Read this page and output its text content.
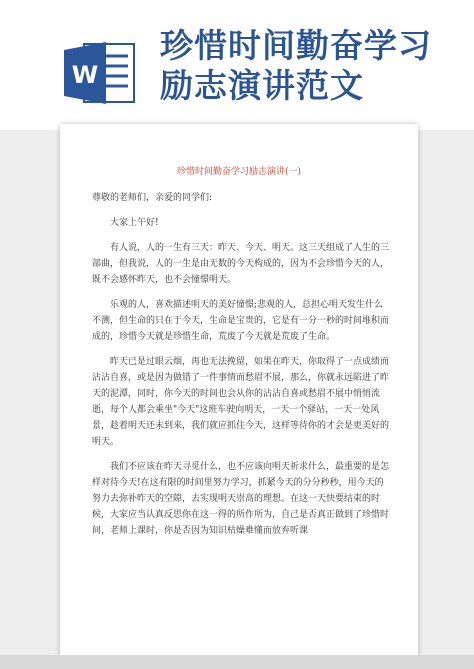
W
珍惜时间勤奋学习
励志演讲范文
珍惜时间勤奋学习励志演讲(一)

尊敬的老师们，亲爱的同学们:

大家上午好!

有人说，人的一生有三天：昨天、今天、明天。这三天组成了人生的三部曲，但我说，人的一生是由无数的今天构成的，因为不会珍惜今天的人，既不会感怀昨天，也不会憧憬明天。

乐观的人，喜欢描述明天的美好憧憬;悲观的人，总担心明天发生什么不测，但生命的只在于今天，生命是宝贵的，它是有一分一秒的时间堆积而成的，珍惜今天就是珍惜生命，荒废了今天就是荒废了生命。

昨天已是过眼云烟，再也无法挽留，如果在昨天，你取得了一点成绩而沾沾自喜，或是因为做错了一件事情而愁眉不展，那么，你就永远陷进了昨天的泥潭，同时，你今天的时间也会从你的沾沾自喜或愁眉不展中悄悄流逝，每个人都会乘坐"今天"这班车驶向明天，一天一个驿站，一天一处风景，趁着明天还未到来，我们就应抓住今天，这样等待你的才会是更美好的明天。

我们不应该在昨天寻觅什么，也不应该向明天祈求什么，最重要的是怎样对待今天!在这有限的时间里努力学习，抓紧今天的分分秒秒，用今天的努力去弥补昨天的空隙，去实现明天崇高的理想。在这一天快要结束的时候，大家应当认真反思你在这一得的所作所为，自己是否真正做到了珍惜时间，老师上课时，你是否因为知识枯燥难懂而放弃听课
